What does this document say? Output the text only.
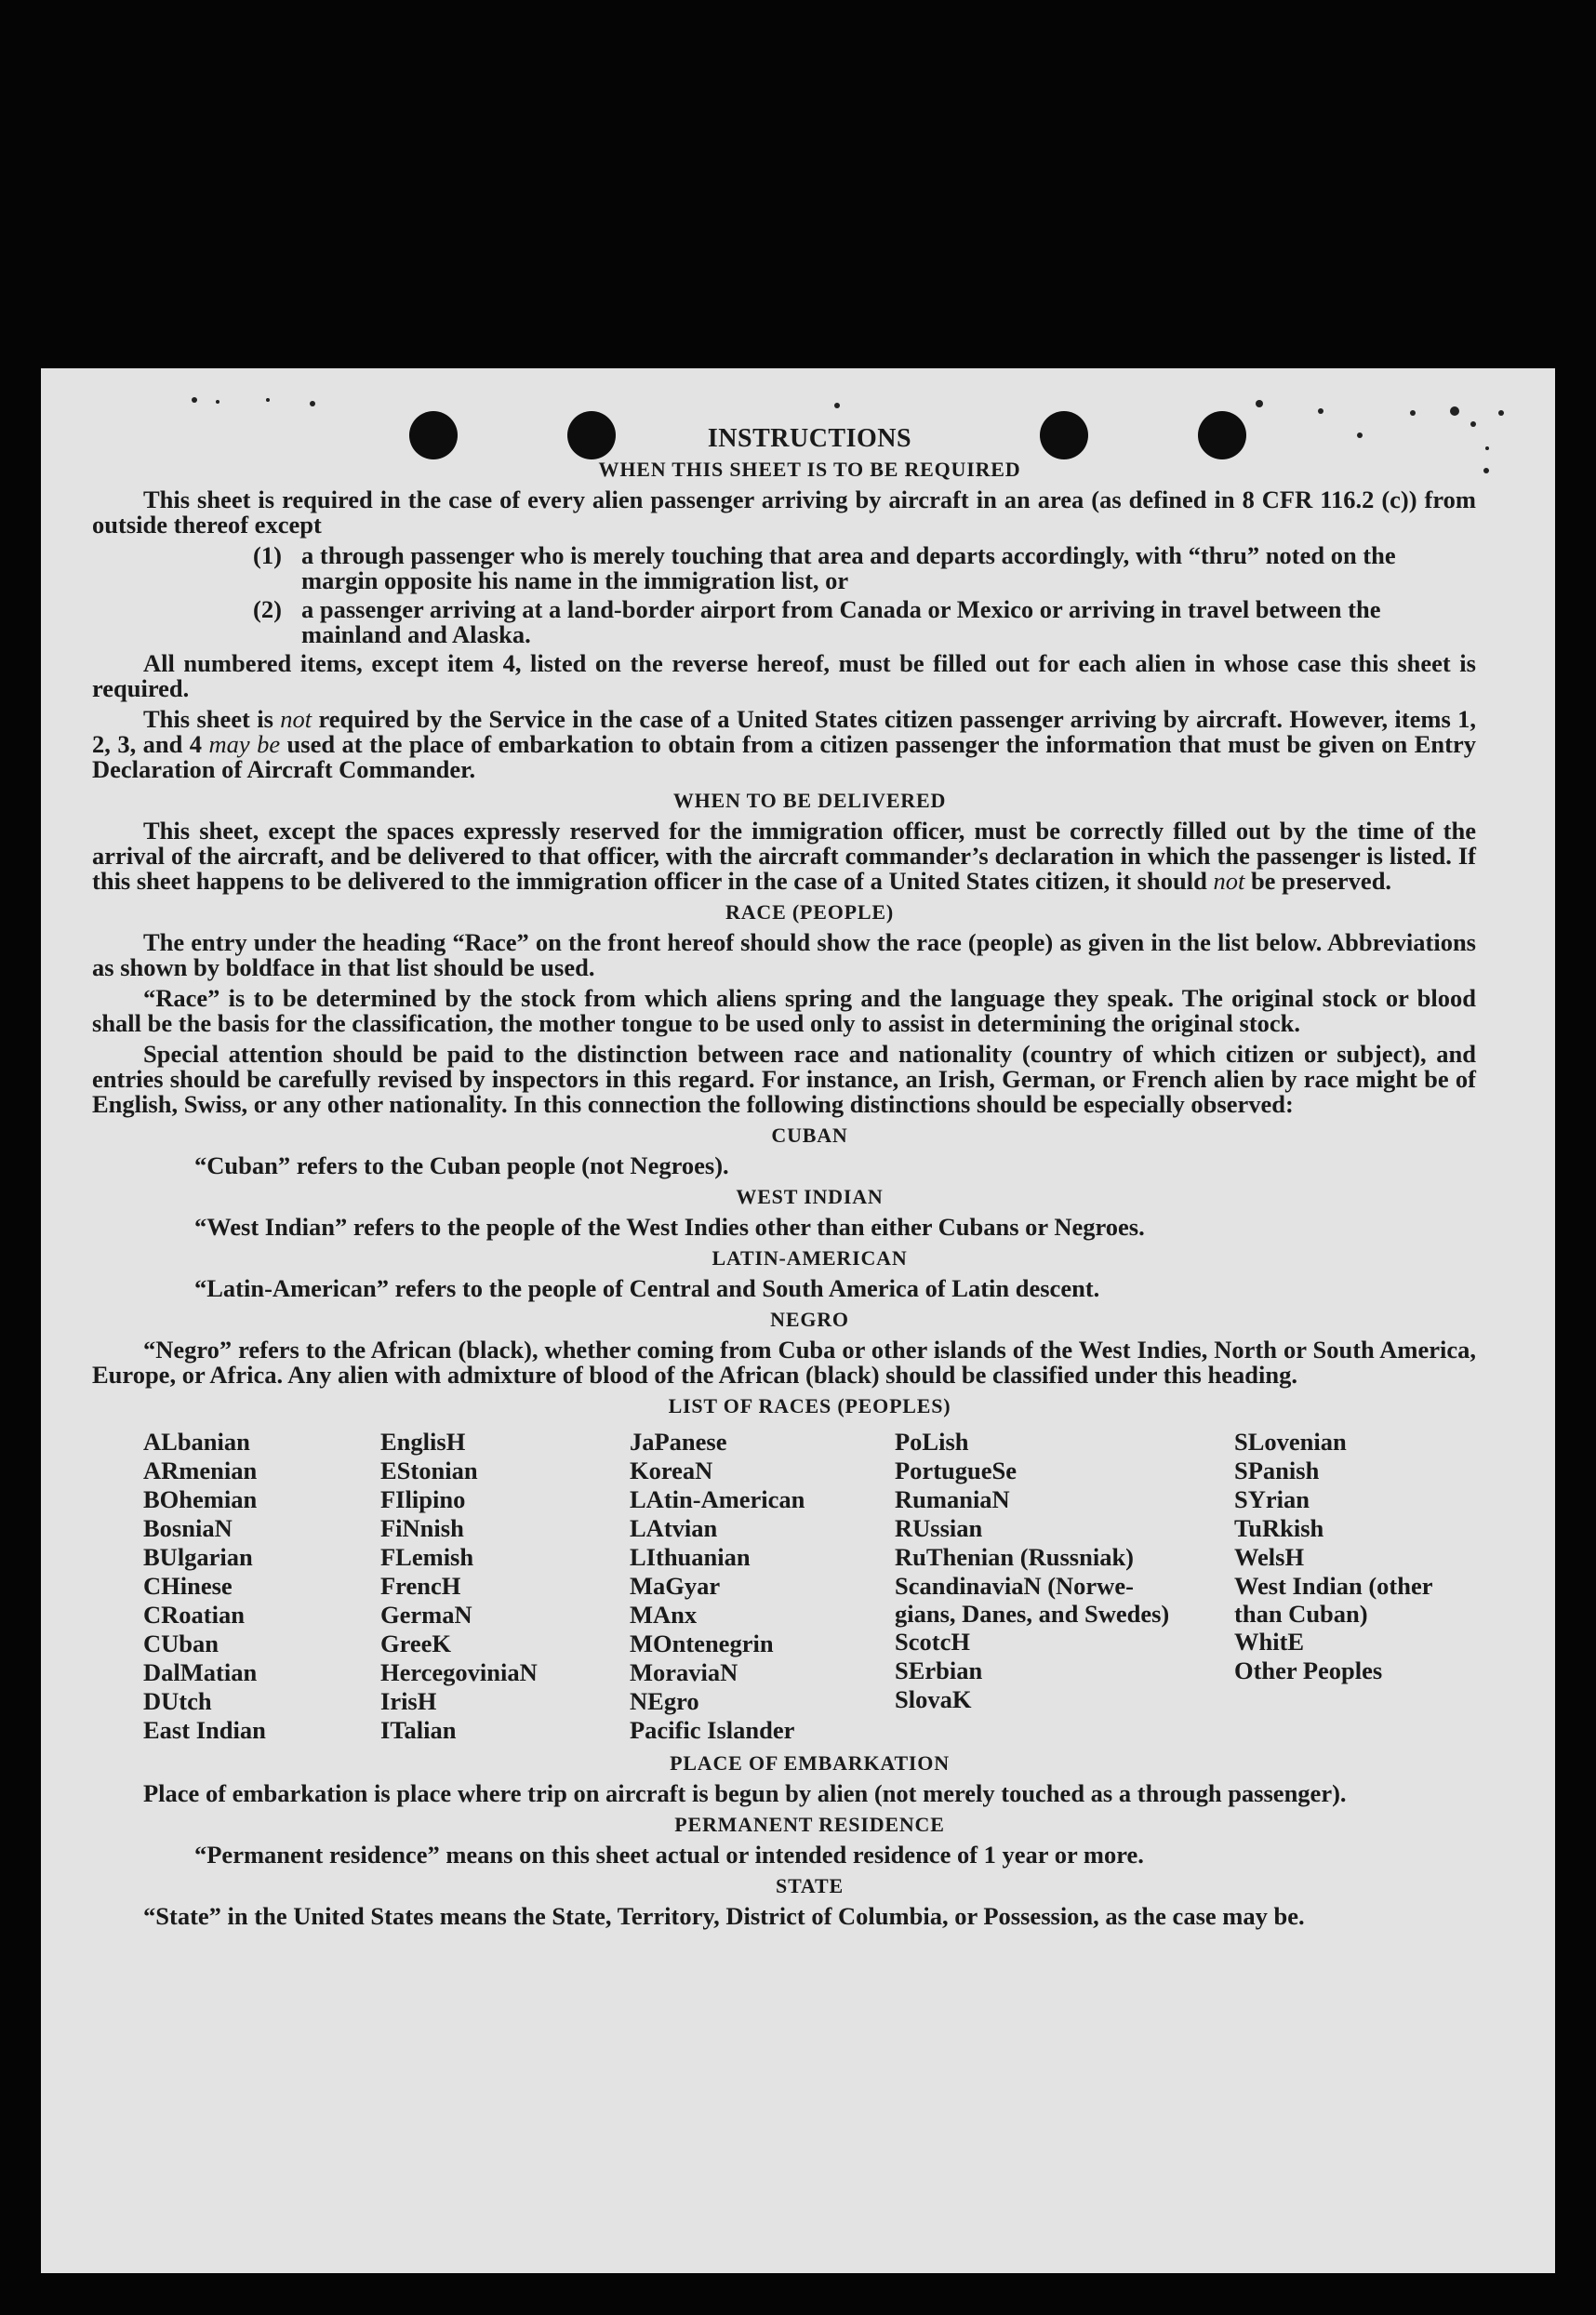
INSTRUCTIONS
WHEN THIS SHEET IS TO BE REQUIRED

This sheet is required in the case of every alien passenger arriving by aircraft in an area (as defined in 8 CFR 116.2 (c)) from outside thereof except

(1) a through passenger who is merely touching that area and departs accordingly, with “thru” noted on the margin opposite his name in the immigration list, or
(2) a passenger arriving at a land-border airport from Canada or Mexico or arriving in travel between the mainland and Alaska.

All numbered items, except item 4, listed on the reverse hereof, must be filled out for each alien in whose case this sheet is required.

This sheet is not required by the Service in the case of a United States citizen passenger arriving by aircraft. However, items 1, 2, 3, and 4 may be used at the place of embarkation to obtain from a citizen passenger the information that must be given on Entry Declaration of Aircraft Commander.

WHEN TO BE DELIVERED

This sheet, except the spaces expressly reserved for the immigration officer, must be correctly filled out by the time of the arrival of the aircraft, and be delivered to that officer, with the aircraft commander’s declaration in which the passenger is listed. If this sheet happens to be delivered to the immigration officer in the case of a United States citizen, it should not be preserved.

RACE (PEOPLE)

The entry under the heading “Race” on the front hereof should show the race (people) as given in the list below. Abbreviations as shown by boldface in that list should be used.

“Race” is to be determined by the stock from which aliens spring and the language they speak. The original stock or blood shall be the basis for the classification, the mother tongue to be used only to assist in determining the original stock.

Special attention should be paid to the distinction between race and nationality (country of which citizen or subject), and entries should be carefully revised by inspectors in this regard. For instance, an Irish, German, or French alien by race might be of English, Swiss, or any other nationality. In this connection the following distinctions should be especially observed:

CUBAN

“Cuban” refers to the Cuban people (not Negroes).

WEST INDIAN

“West Indian” refers to the people of the West Indies other than either Cubans or Negroes.

LATIN-AMERICAN

“Latin-American” refers to the people of Central and South America of Latin descent.

NEGRO

“Negro” refers to the African (black), whether coming from Cuba or other islands of the West Indies, North or South America, Europe, or Africa. Any alien with admixture of blood of the African (black) should be classified under this heading.

LIST OF RACES (PEOPLES)
ALbanian
ARmenian
BOhemian
BosniaN
BUlgarian
CHinese
CRoatian
CUban
DalMatian
DUtch
East Indian
EnglisH
EStonian
FIlipino
FiNnish
FLemish
FrencH
GermaN
GreeK
HercegoviniaN
IrisH
ITalian
JaPanese
KoreaN
LAtin-American
LAtvian
LIthuanian
MaGyar
MAnx
MOntenegrin
MoraviaN
NEgro
Pacific Islander
PoLish
PortugueSe
RumaniaN
RUssian
RuThenian (Russniak)
ScandinaviaN (Norwe-gians, Danes, and Swedes)
ScotcH
SErbian
SlovaK
SLovenian
SPanish
SYrian
TuRkish
WelsH
West Indian (other than Cuban)
WhitE
Other Peoples
PLACE OF EMBARKATION

Place of embarkation is place where trip on aircraft is begun by alien (not merely touched as a through passenger).

PERMANENT RESIDENCE

“Permanent residence” means on this sheet actual or intended residence of 1 year or more.

STATE

“State” in the United States means the State, Territory, District of Columbia, or Possession, as the case may be.
